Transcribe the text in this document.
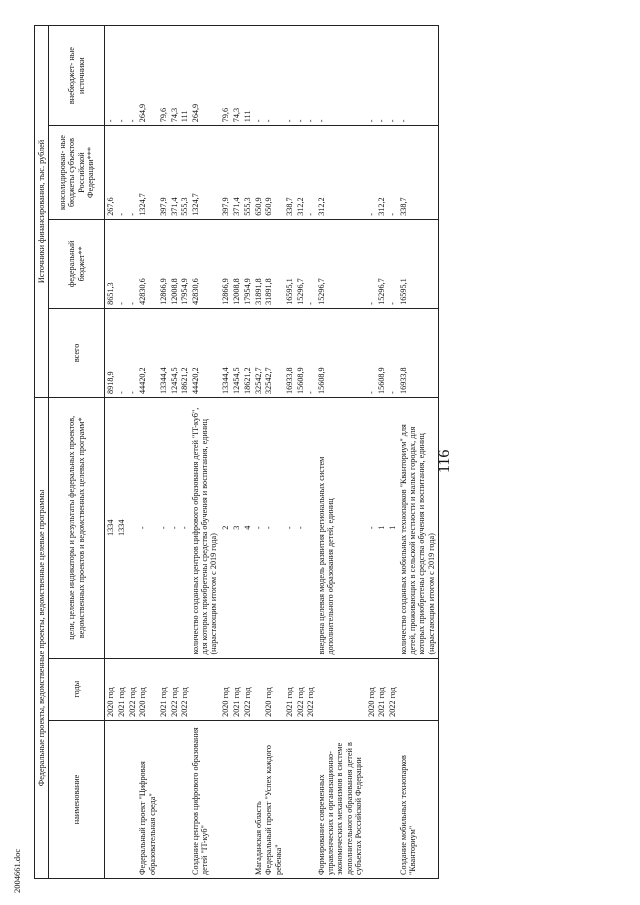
116
2004661.doc
Федеральные проекты, ведомственные проекты, ведомственные целевые программы			Источники финансирования, тыс. рублей			
наименование	годы	цели, целевые индикаторы и результаты федеральных проектов, ведомственных проектов и ведомственных целевых программ*	всего	федеральный бюджет**	консолидирован- ные бюджеты субъектов Российской Федерации***	внебюджет- ные источники
	2020 год	1334	8918,9	8651,3	267,6	-
	2021 год	1334	-	-	-	-
	2022 год		-	-	-	-
Федеральный проект "Цифровая образовательная среда"	2020 год	-	44420,2	42830,6	1324,7	264,9
	2021 год	-	13344,4	12866,9	397,9	79,6
	2022 год	-	12454,5	12008,8	371,4	74,3
	2022 год	-	18621,2	17954,9	555,3	111
Создание центров цифрового образования детей "IT-куб"		количество созданных центров цифрового образования детей "IT-куб", для которых приобретены средства обучения и воспитания, единиц (нарастающим итогом с 2019 года)	44420,2	42830,6	1324,7	264,9
	2020 год	2	13344,4	12866,9	397,9	79,6
	2021 год	3	12454,5	12008,8	371,4	74,3
	2022 год	4	18621,2	17954,9	555,3	111
Магаданская область		-	32542,7	31891,8	650,9	-
Федеральный проект "Успех каждого ребенка"	2020 год	-	32542,7	31891,8	650,9	-
	2021 год	-	16933,8	16595,1	338,7	-
	2022 год	-	15608,9	15296,7	312,2	-
	2022 год		-	-	-	-
Формирование современных управленческих и организационно-экономических механизмов в системе дополнительного образования детей в субъектах Российской Федерации		внедрена целевая модель развития региональных систем дополнительного образования детей, единиц	15608,9	15296,7	312,2	-
	2020 год	-	-	-	-	-
	2021 год	1	15608,9	15296,7	312,2	-
	2022 год	1	-	-	-	-
Создание мобильных технопарков "Кванториум"		количество созданных мобильных технопарков "Кванториум" для детей, проживающих в сельской местности и малых городах, для которых приобретены средства обучения и воспитания, единиц (нарастающим итогом с 2019 года)	16933,8	16595,1	338,7	-
